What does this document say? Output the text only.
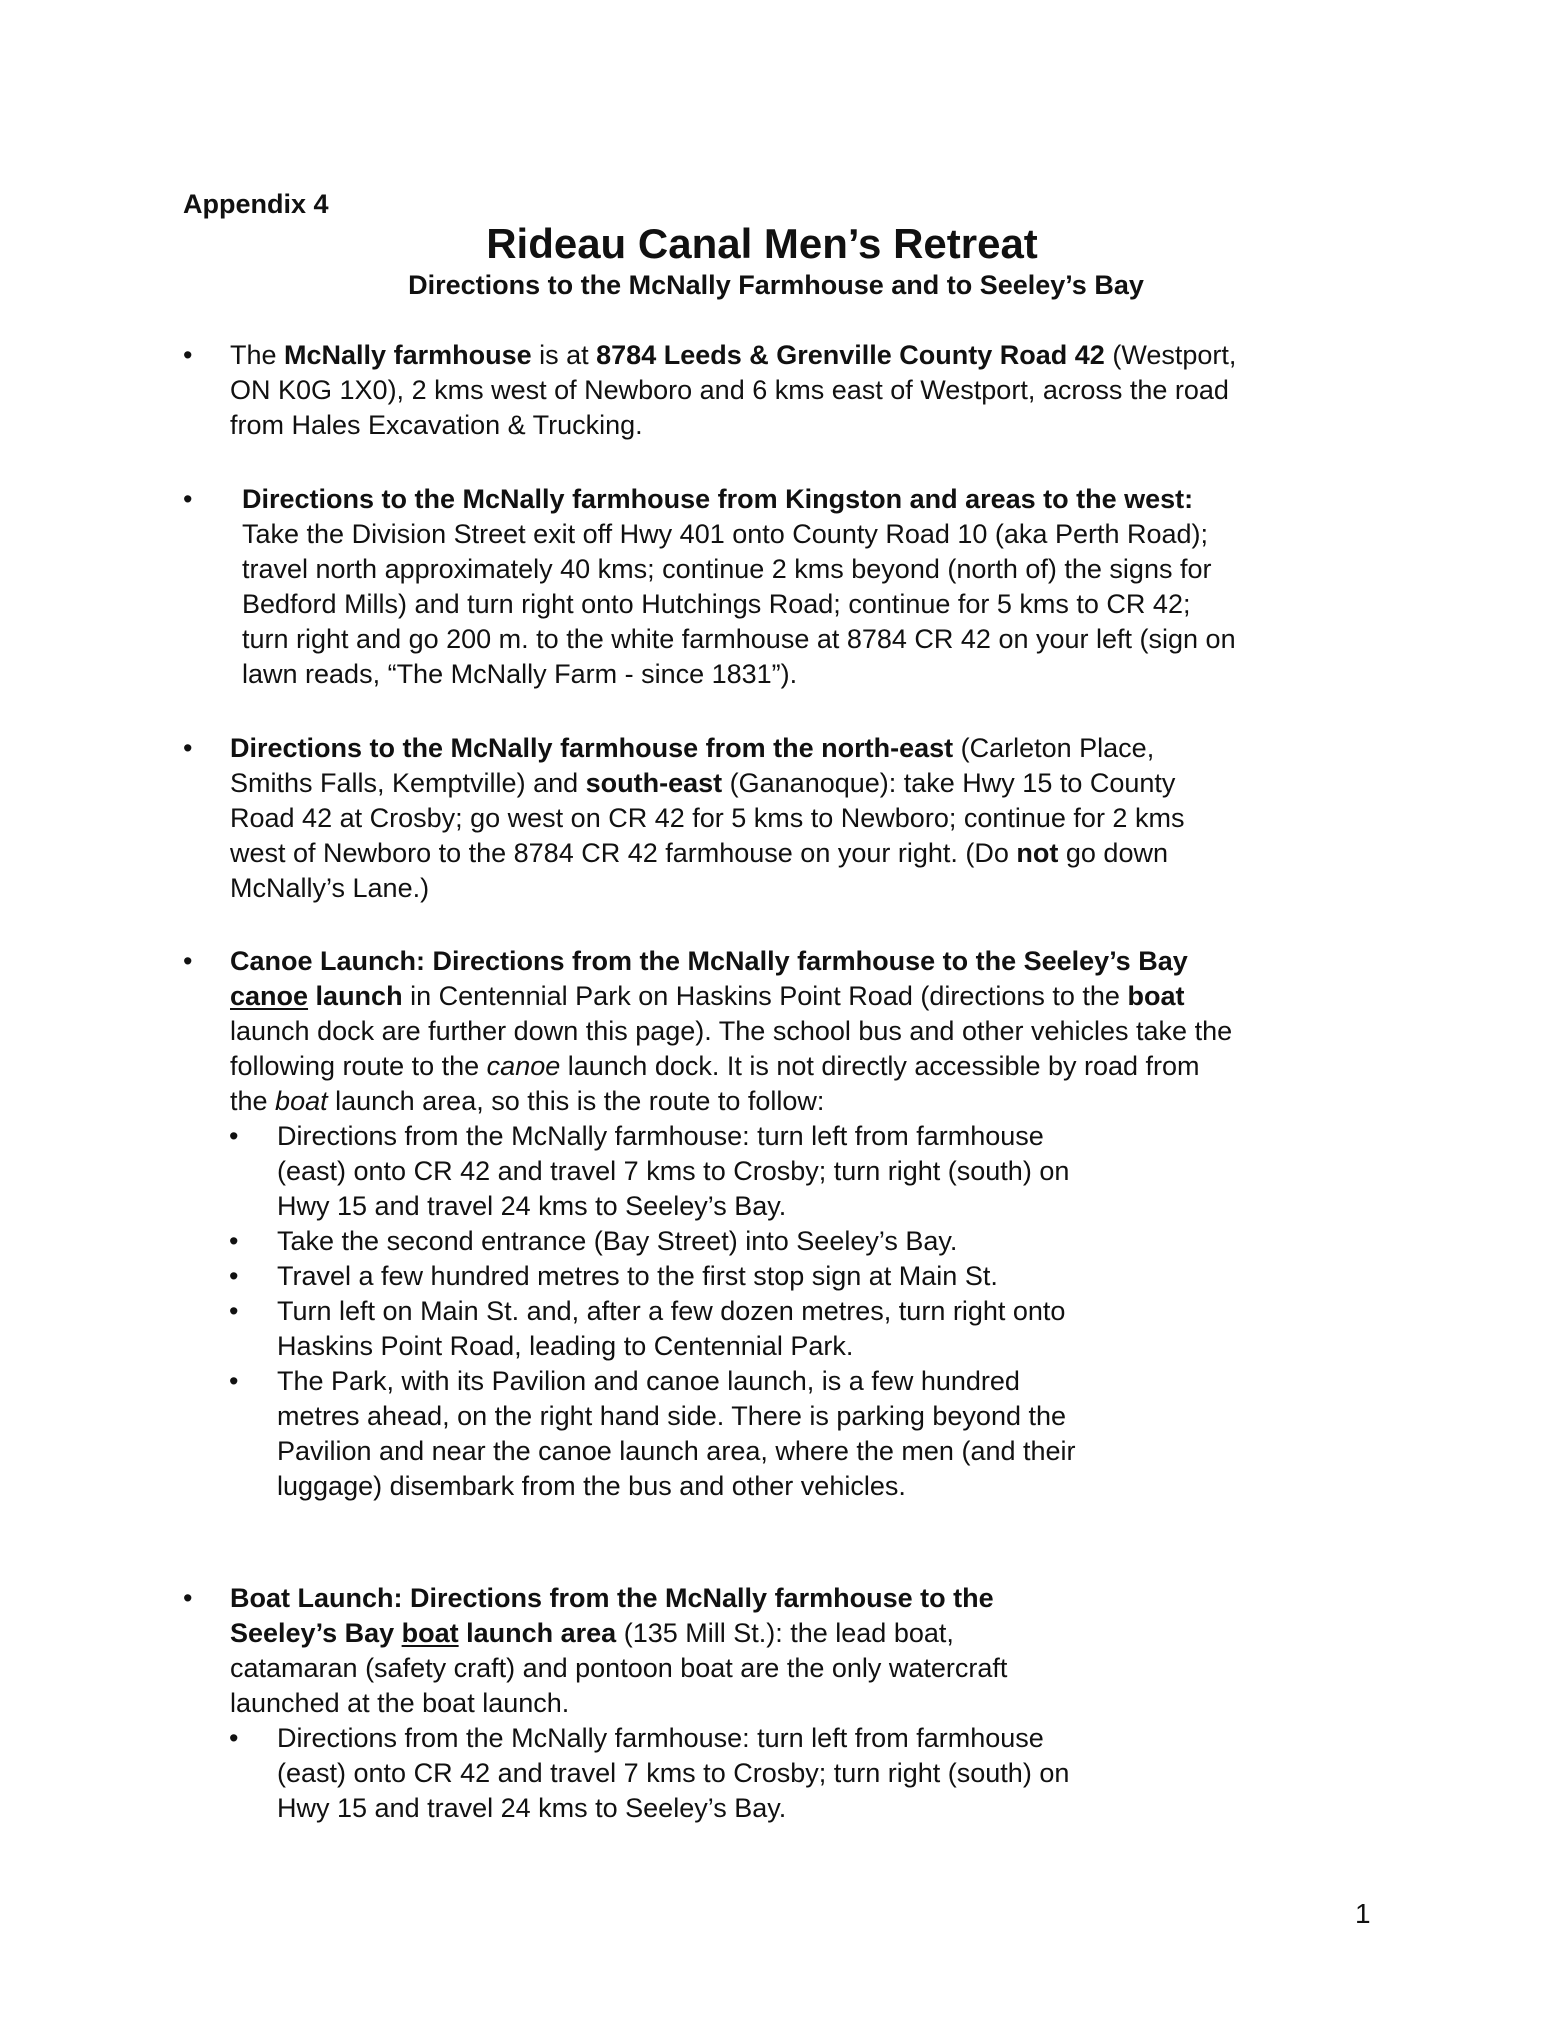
Appendix 4
Rideau Canal Men’s Retreat
Directions to the McNally Farmhouse and to Seeley’s Bay
• The McNally farmhouse is at 8784 Leeds & Grenville County Road 42 (Westport,
ON K0G 1X0), 2 kms west of Newboro and 6 kms east of Westport, across the road
from Hales Excavation & Trucking.
• Directions to the McNally farmhouse from Kingston and areas to the west:
Take the Division Street exit off Hwy 401 onto County Road 10 (aka Perth Road);
travel north approximately 40 kms; continue 2 kms beyond (north of) the signs for
Bedford Mills) and turn right onto Hutchings Road; continue for 5 kms to CR 42;
turn right and go 200 m. to the white farmhouse at 8784 CR 42 on your left (sign on
lawn reads, “The McNally Farm - since 1831”).
• Directions to the McNally farmhouse from the north-east (Carleton Place,
Smiths Falls, Kemptville) and south-east (Gananoque): take Hwy 15 to County
Road 42 at Crosby; go west on CR 42 for 5 kms to Newboro; continue for 2 kms
west of Newboro to the 8784 CR 42 farmhouse on your right. (Do not go down
McNally’s Lane.)
• Canoe Launch: Directions from the McNally farmhouse to the Seeley’s Bay
canoe launch in Centennial Park on Haskins Point Road (directions to the boat
launch dock are further down this page). The school bus and other vehicles take the
following route to the canoe launch dock. It is not directly accessible by road from
the boat launch area, so this is the route to follow:
• Directions from the McNally farmhouse: turn left from farmhouse
(east) onto CR 42 and travel 7 kms to Crosby; turn right (south) on
Hwy 15 and travel 24 kms to Seeley’s Bay.
• Take the second entrance (Bay Street) into Seeley’s Bay.
• Travel a few hundred metres to the first stop sign at Main St.
• Turn left on Main St. and, after a few dozen metres, turn right onto
Haskins Point Road, leading to Centennial Park.
• The Park, with its Pavilion and canoe launch, is a few hundred
metres ahead, on the right hand side. There is parking beyond the
Pavilion and near the canoe launch area, where the men (and their
luggage) disembark from the bus and other vehicles.
• Boat Launch: Directions from the McNally farmhouse to the
Seeley’s Bay boat launch area (135 Mill St.): the lead boat,
catamaran (safety craft) and pontoon boat are the only watercraft
launched at the boat launch.
• Directions from the McNally farmhouse: turn left from farmhouse
(east) onto CR 42 and travel 7 kms to Crosby; turn right (south) on
Hwy 15 and travel 24 kms to Seeley’s Bay.
1
